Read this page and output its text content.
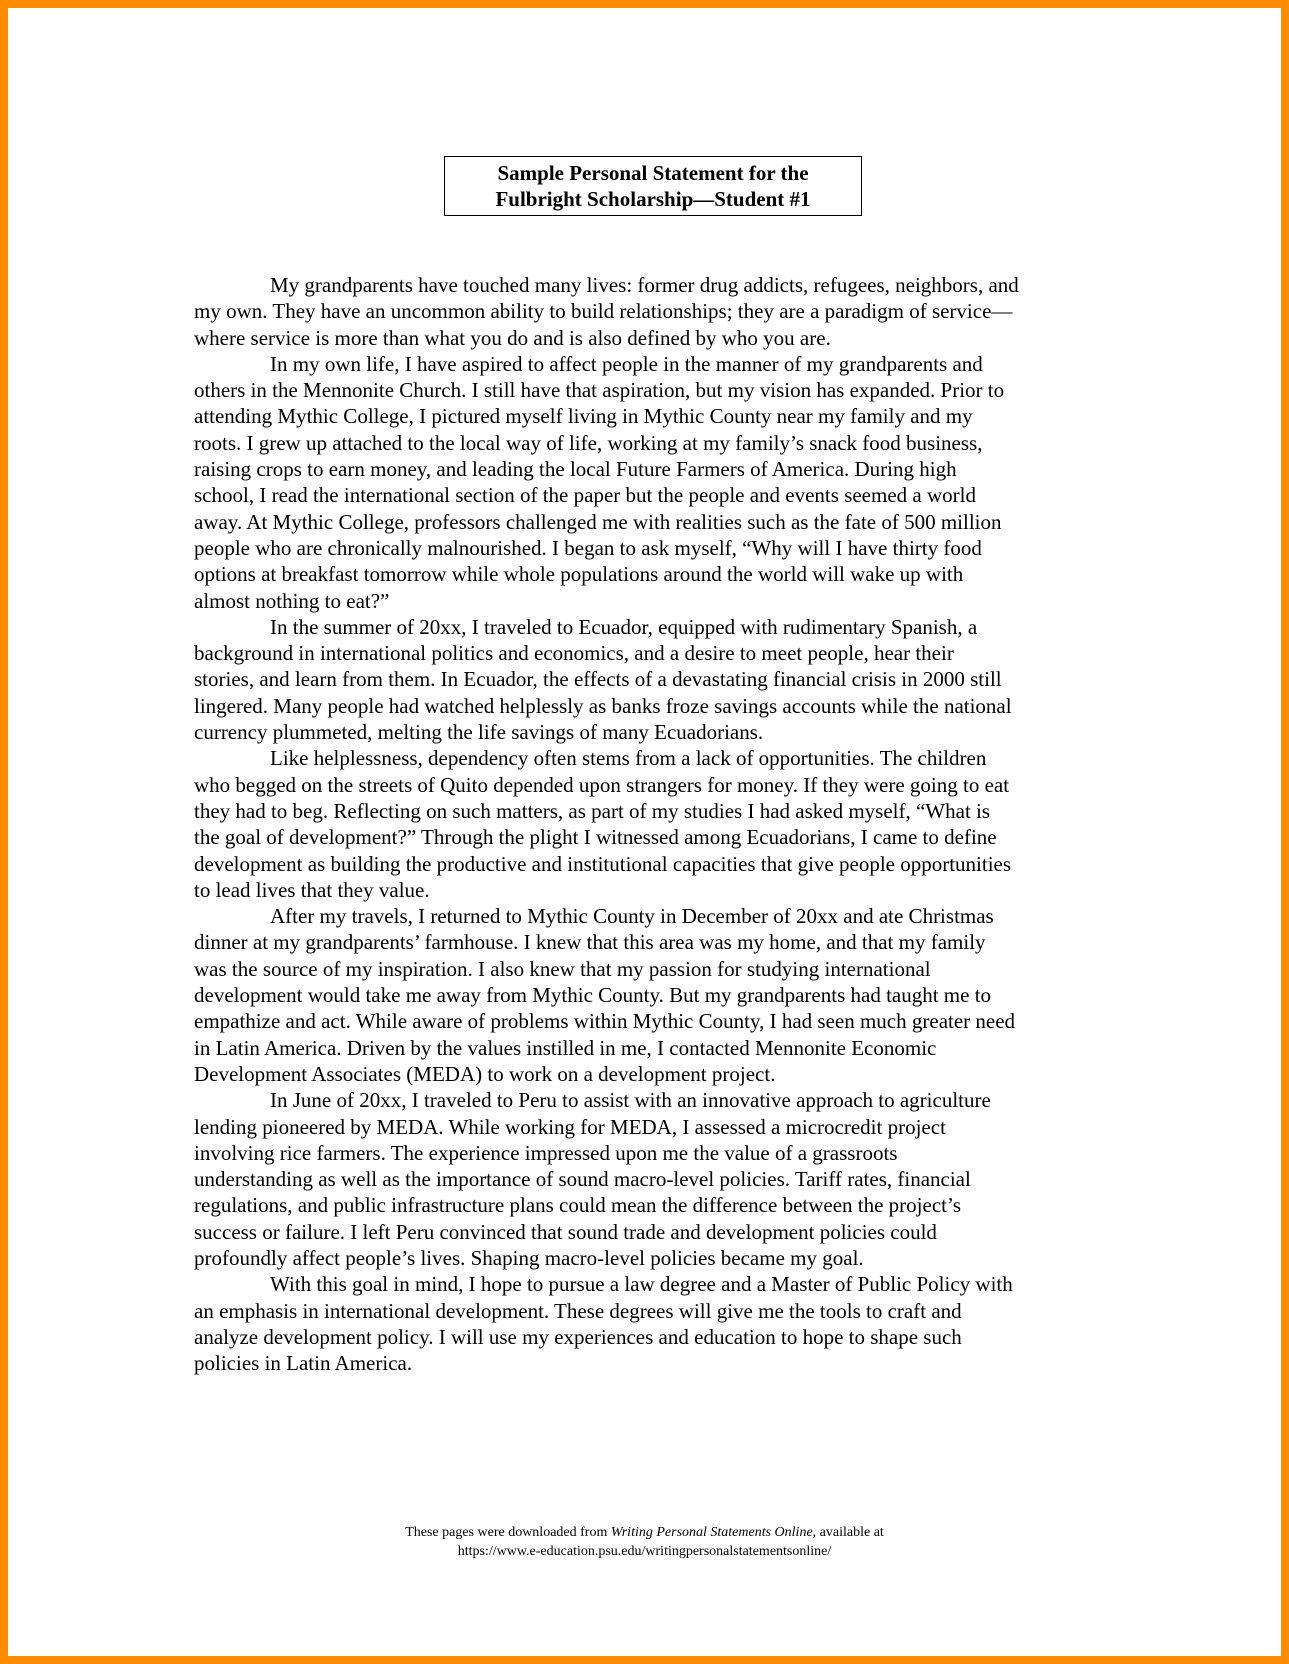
Sample Personal Statement for the
Fulbright Scholarship—Student #1
My grandparents have touched many lives: former drug addicts, refugees, neighbors, and
my own. They have an uncommon ability to build relationships; they are a paradigm of service—
where service is more than what you do and is also defined by who you are.
In my own life, I have aspired to affect people in the manner of my grandparents and
others in the Mennonite Church. I still have that aspiration, but my vision has expanded. Prior to
attending Mythic College, I pictured myself living in Mythic County near my family and my
roots. I grew up attached to the local way of life, working at my family’s snack food business,
raising crops to earn money, and leading the local Future Farmers of America. During high
school, I read the international section of the paper but the people and events seemed a world
away. At Mythic College, professors challenged me with realities such as the fate of 500 million
people who are chronically malnourished. I began to ask myself, “Why will I have thirty food
options at breakfast tomorrow while whole populations around the world will wake up with
almost nothing to eat?”
In the summer of 20xx, I traveled to Ecuador, equipped with rudimentary Spanish, a
background in international politics and economics, and a desire to meet people, hear their
stories, and learn from them. In Ecuador, the effects of a devastating financial crisis in 2000 still
lingered. Many people had watched helplessly as banks froze savings accounts while the national
currency plummeted, melting the life savings of many Ecuadorians.
Like helplessness, dependency often stems from a lack of opportunities. The children
who begged on the streets of Quito depended upon strangers for money. If they were going to eat
they had to beg. Reflecting on such matters, as part of my studies I had asked myself, “What is
the goal of development?” Through the plight I witnessed among Ecuadorians, I came to define
development as building the productive and institutional capacities that give people opportunities
to lead lives that they value.
After my travels, I returned to Mythic County in December of 20xx and ate Christmas
dinner at my grandparents’ farmhouse. I knew that this area was my home, and that my family
was the source of my inspiration. I also knew that my passion for studying international
development would take me away from Mythic County. But my grandparents had taught me to
empathize and act. While aware of problems within Mythic County, I had seen much greater need
in Latin America. Driven by the values instilled in me, I contacted Mennonite Economic
Development Associates (MEDA) to work on a development project.
In June of 20xx, I traveled to Peru to assist with an innovative approach to agriculture
lending pioneered by MEDA. While working for MEDA, I assessed a microcredit project
involving rice farmers. The experience impressed upon me the value of a grassroots
understanding as well as the importance of sound macro-level policies. Tariff rates, financial
regulations, and public infrastructure plans could mean the difference between the project’s
success or failure. I left Peru convinced that sound trade and development policies could
profoundly affect people’s lives. Shaping macro-level policies became my goal.
With this goal in mind, I hope to pursue a law degree and a Master of Public Policy with
an emphasis in international development. These degrees will give me the tools to craft and
analyze development policy. I will use my experiences and education to hope to shape such
policies in Latin America.
These pages were downloaded from Writing Personal Statements Online, available at
https://www.e-education.psu.edu/writingpersonalstatementsonline/
